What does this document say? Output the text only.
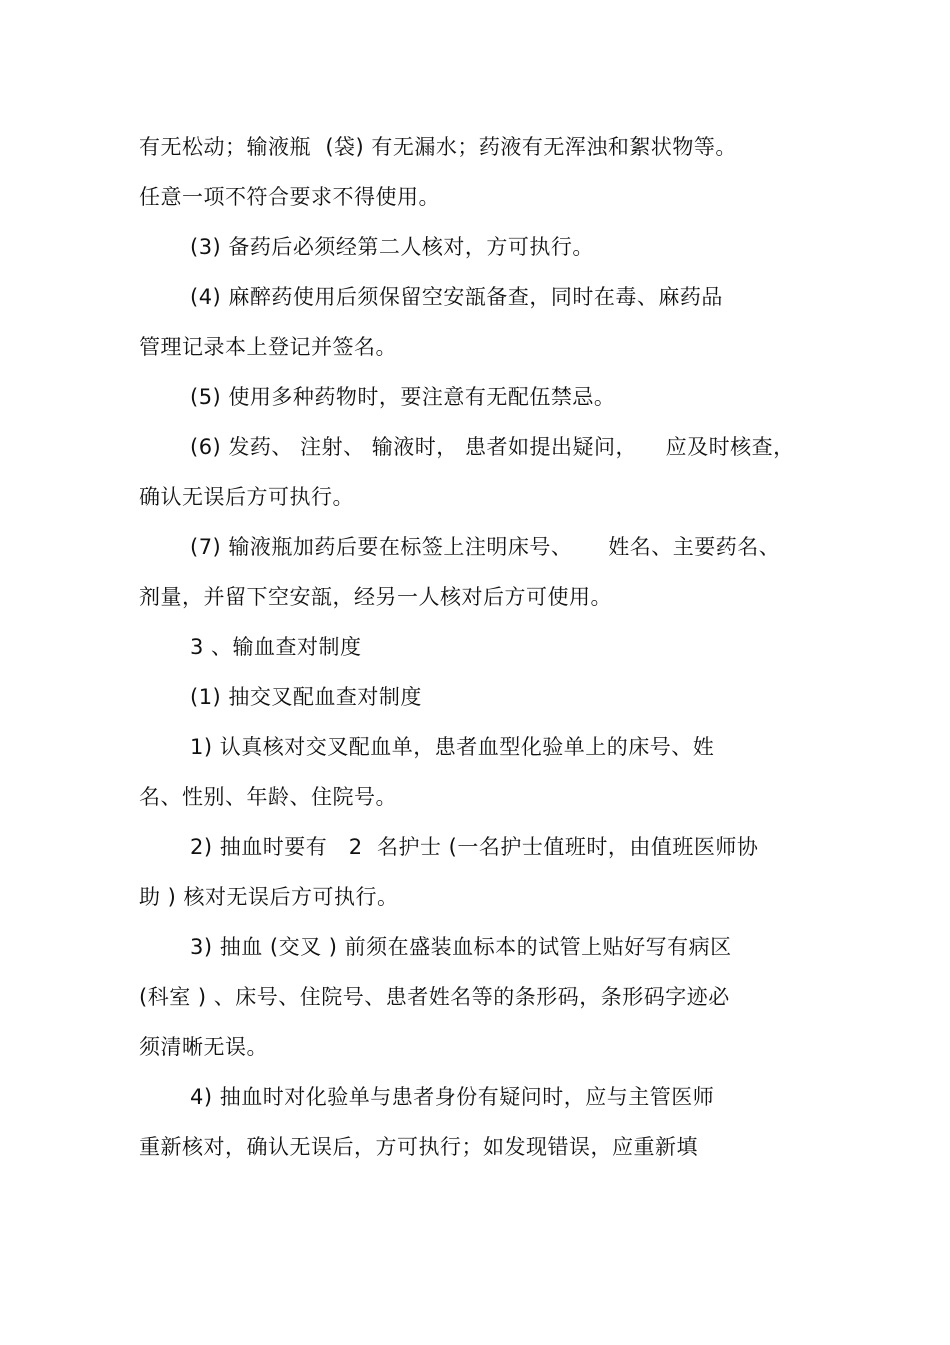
有无松动；输液瓶  (袋) 有无漏水；药液有无浑浊和絮状物等。
任意一项不符合要求不得使用。
(3) 备药后必须经第二人核对，方可执行。
(4) 麻醉药使用后须保留空安瓿备查，同时在毒、麻药品
管理记录本上登记并签名。
(5) 使用多种药物时，要注意有无配伍禁忌。
(6) 发药、 注射、 输液时， 患者如提出疑问，    应及时核查，
确认无误后方可执行。
(7) 输液瓶加药后要在标签上注明床号、     姓名、主要药名、
剂量，并留下空安瓿，经另一人核对后方可使用。
3 、输血查对制度
(1) 抽交叉配血查对制度
1) 认真核对交叉配血单，患者血型化验单上的床号、姓
名、性别、年龄、住院号。
2) 抽血时要有   2  名护士 (一名护士值班时，由值班医师协
助 ) 核对无误后方可执行。
3) 抽血 (交叉 ) 前须在盛装血标本的试管上贴好写有病区
(科室 ) 、床号、住院号、患者姓名等的条形码，条形码字迹必
须清晰无误。
4) 抽血时对化验单与患者身份有疑问时，应与主管医师
重新核对，确认无误后，方可执行；如发现错误，应重新填
